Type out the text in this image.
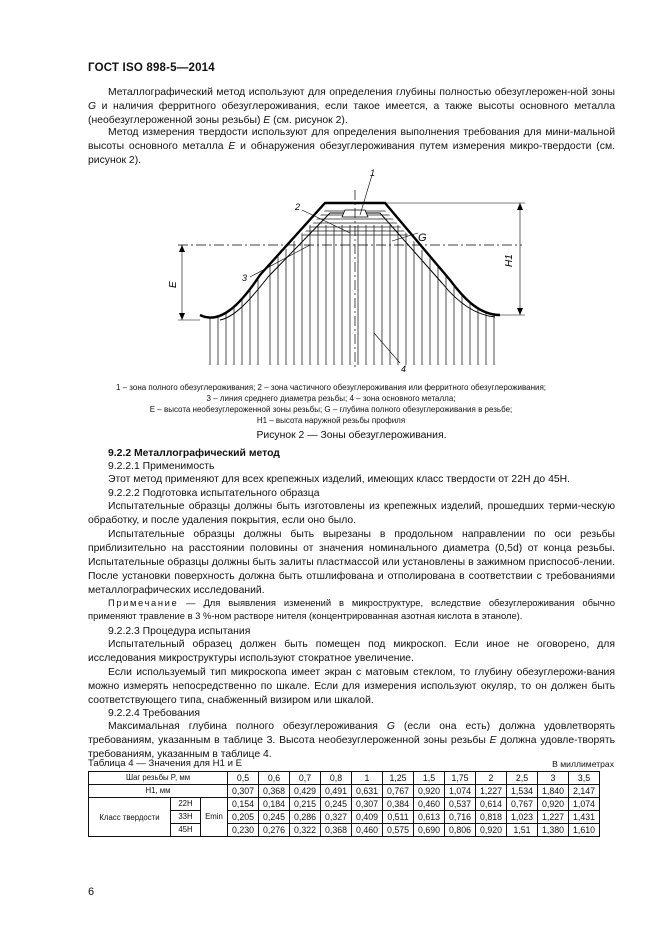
ГОСТ ISO 898-5—2014

Металлографический метод используют для определения глубины полностью обезуглерожен-ной зоны G и наличия ферритного обезуглероживания, если такое имеется, а также высоты основного металла (необезуглероженной зоны резьбы) E (см. рисунок 2).

Метод измерения твердости используют для определения выполнения требования для мини-мальной высоты основного металла E и обнаружения обезуглероживания путем измерения микро-твердости (см. рисунок 2).

H1
E
G
1
2
3
4
1 – зона полного обезуглероживания; 2 – зона частичного обезуглероживания или ферритного обезуглероживания;
3 – линия среднего диаметра резьбы; 4 – зона основного металла;
E – высота необезуглероженной зоны резьбы; G – глубина полного обезуглероживания в резьбе;
H1 – высота наружной резьбы профиля
Рисунок 2 — Зоны обезуглероживания.
9.2.2 Металлографический метод
9.2.2.1 Применимость
Этот метод применяют для всех крепежных изделий, имеющих класс твердости от 22H до 45H.
9.2.2.2 Подготовка испытательного образца

Испытательные образцы должны быть изготовлены из крепежных изделий, прошедших терми-ческую обработку, и после удаления покрытия, если оно было.

Испытательные образцы должны быть вырезаны в продольном направлении по оси резьбы приблизительно на расстоянии половины от значения номинального диаметра (0,5d) от конца резьбы. Испытательные образцы должны быть залиты пластмассой или установлены в зажимном приспособ-лении. После установки поверхность должна быть отшлифована и отполирована в соответствии с требованиями металлографических исследований.

Примечание — Для выявления изменений в микроструктуре, вследствие обезуглероживания обычно применяют травление в 3 %-ном растворе нителя (концентрированная азотная кислота в этаноле).

9.2.2.3 Процедура испытания

Испытательный образец должен быть помещен под микроскоп. Если иное не оговорено, для исследования микроструктуры используют стократное увеличение.

Если используемый тип микроскопа имеет экран с матовым стеклом, то глубину обезуглерожи-вания можно измерять непосредственно по шкале. Если для измерения используют окуляр, то он должен быть соответствующего типа, снабженный визиром или шкалой.

9.2.2.4 Требования

Максимальная глубина полного обезуглероживания G (если она есть) должна удовлетворять требованиям, указанным в таблице 3. Высота необезуглероженной зоны резьбы E должна удовле-творять требованиям, указанным в таблице 4.

Таблица 4 — Значения для H1 и E	В миллиметрах
Шаг резьбы P, мм			0,5	0,6	0,7	0,8	1	1,25	1,5	1,75	2	2,5	3	3,5
H1, мм			0,307	0,368	0,429	0,491	0,631	0,767	0,920	1,074	1,227	1,534	1,840	2,147
Класс твердости	22H	Emin	0,154	0,184	0,215	0,245	0,307	0,384	0,460	0,537	0,614	0,767	0,920	1,074
	33H		0,205	0,245	0,286	0,327	0,409	0,511	0,613	0,716	0,818	1,023	1,227	1,431
	45H		0,230	0,276	0,322	0,368	0,460	0,575	0,690	0,806	0,920	1,51	1,380	1,610
6
